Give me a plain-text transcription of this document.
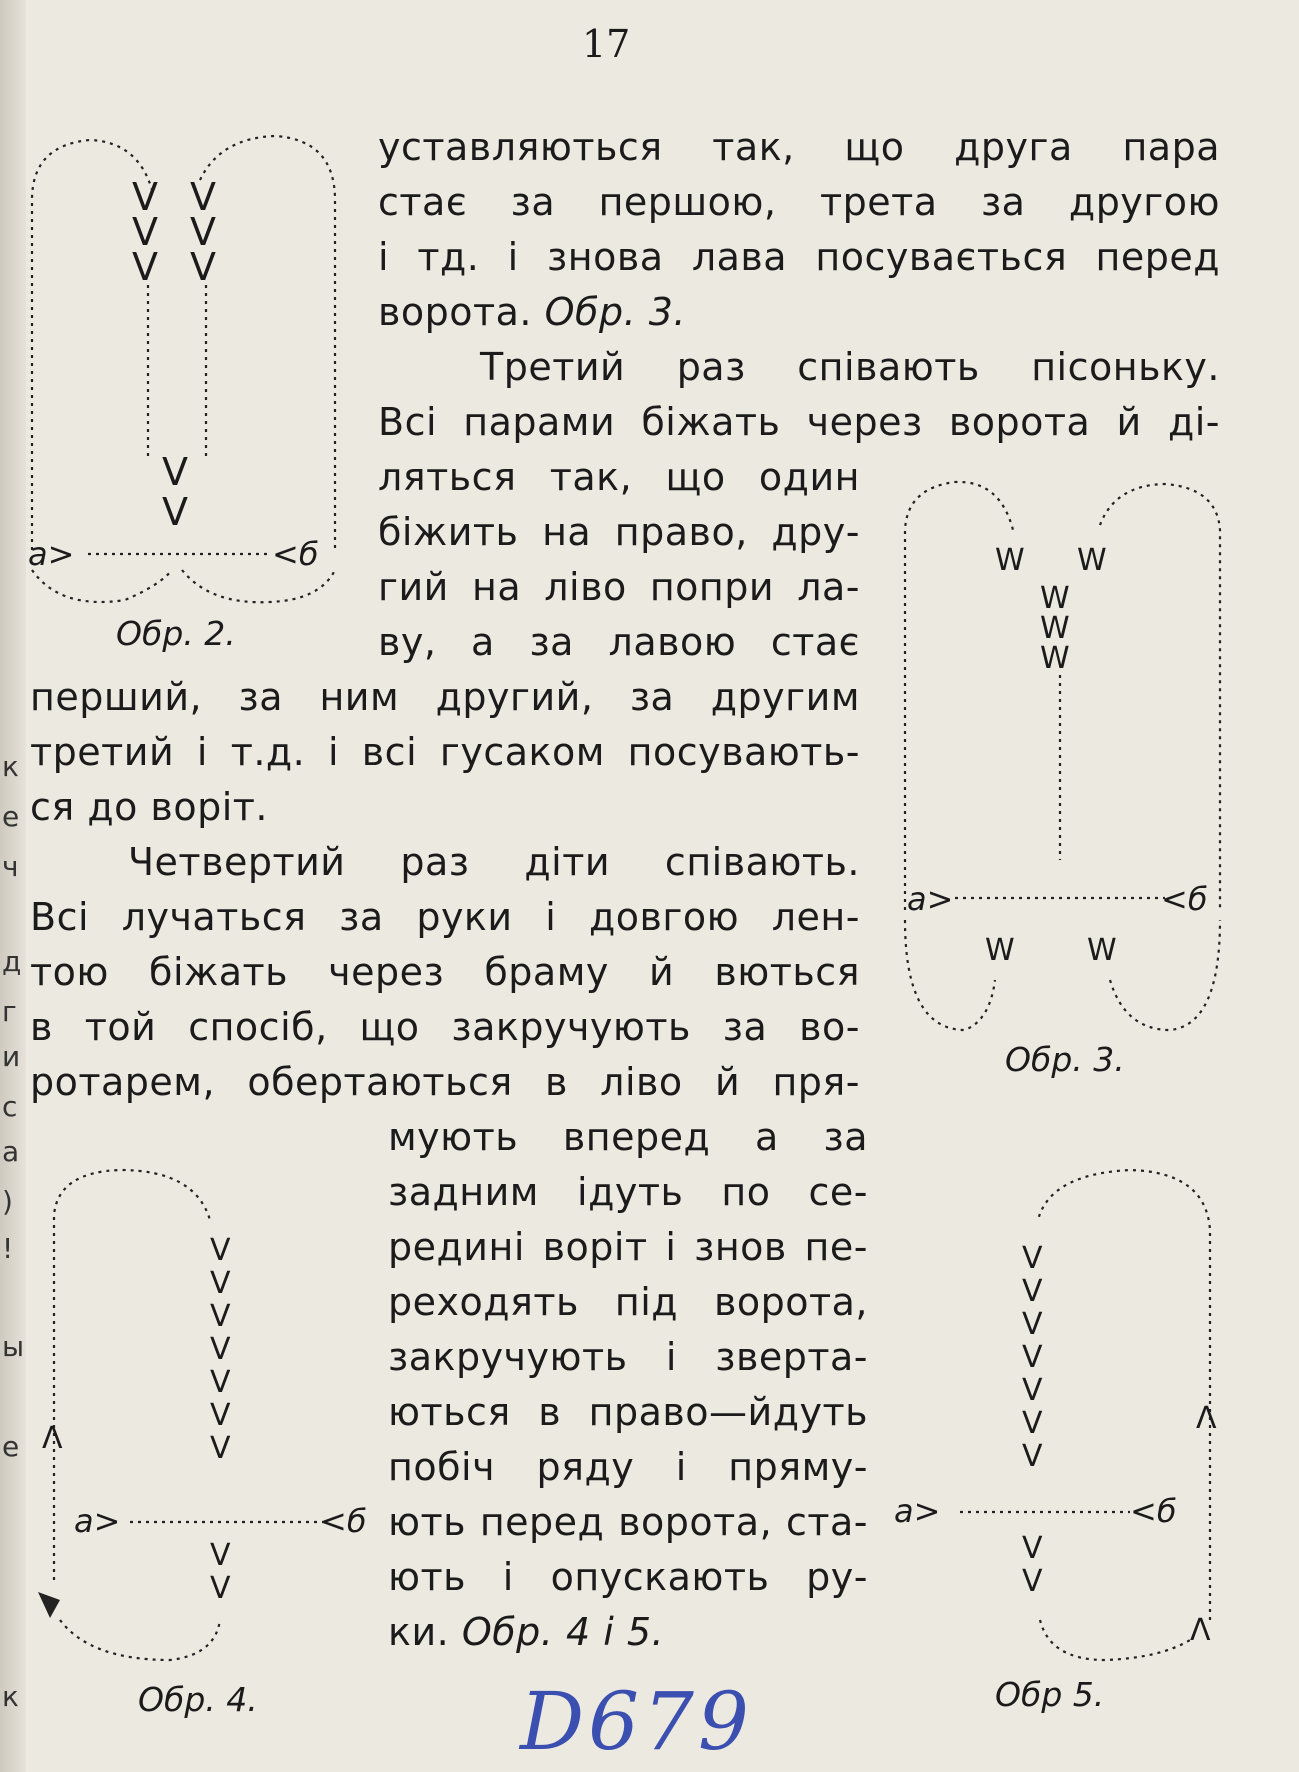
к
е
ч
д
г
и
с
а
)
!
ы
е
к
17
уставляються так, що друга пара
стає за першою, трета за другою
і тд. і знова лава посувається перед
ворота. Обр. 3.
Третий раз співають пісоньку.
Всі парами біжать через ворота й ді-
ляться так, що один
біжить на право, дру-
гий на ліво попри ла-
ву, а за лавою стає
перший, за ним другий, за другим
третий і т.д. і всі гусаком посувають-
ся до воріт.
Четвертий раз діти співають.
Всі лучаться за руки і довгою лен-
тою біжать через браму й вються
в той спосіб, що закручують за во-
ротарем, обертаються в ліво й пря-
мують вперед а за
задним ідуть по се-
редині воріт і знов пе-
реходять під ворота,
закручують і зверта-
ються в право—йдуть
побіч ряду і пряму-
ють перед ворота, ста-
ють і опускають ру-
ки. Обр. 4 і 5.
V V
V V
V V
V
V
а>	<б
Обр. 2.
W W
W
W
W
W W
а>	<б
Обр. 3.
V
V
V
V
V
V
V
V
V
Λ
а>	<б
Обр. 4.
V
V
V
V
V
V
V
V
V
Λ
Λ
а>	<б
Обр 5.
D679
